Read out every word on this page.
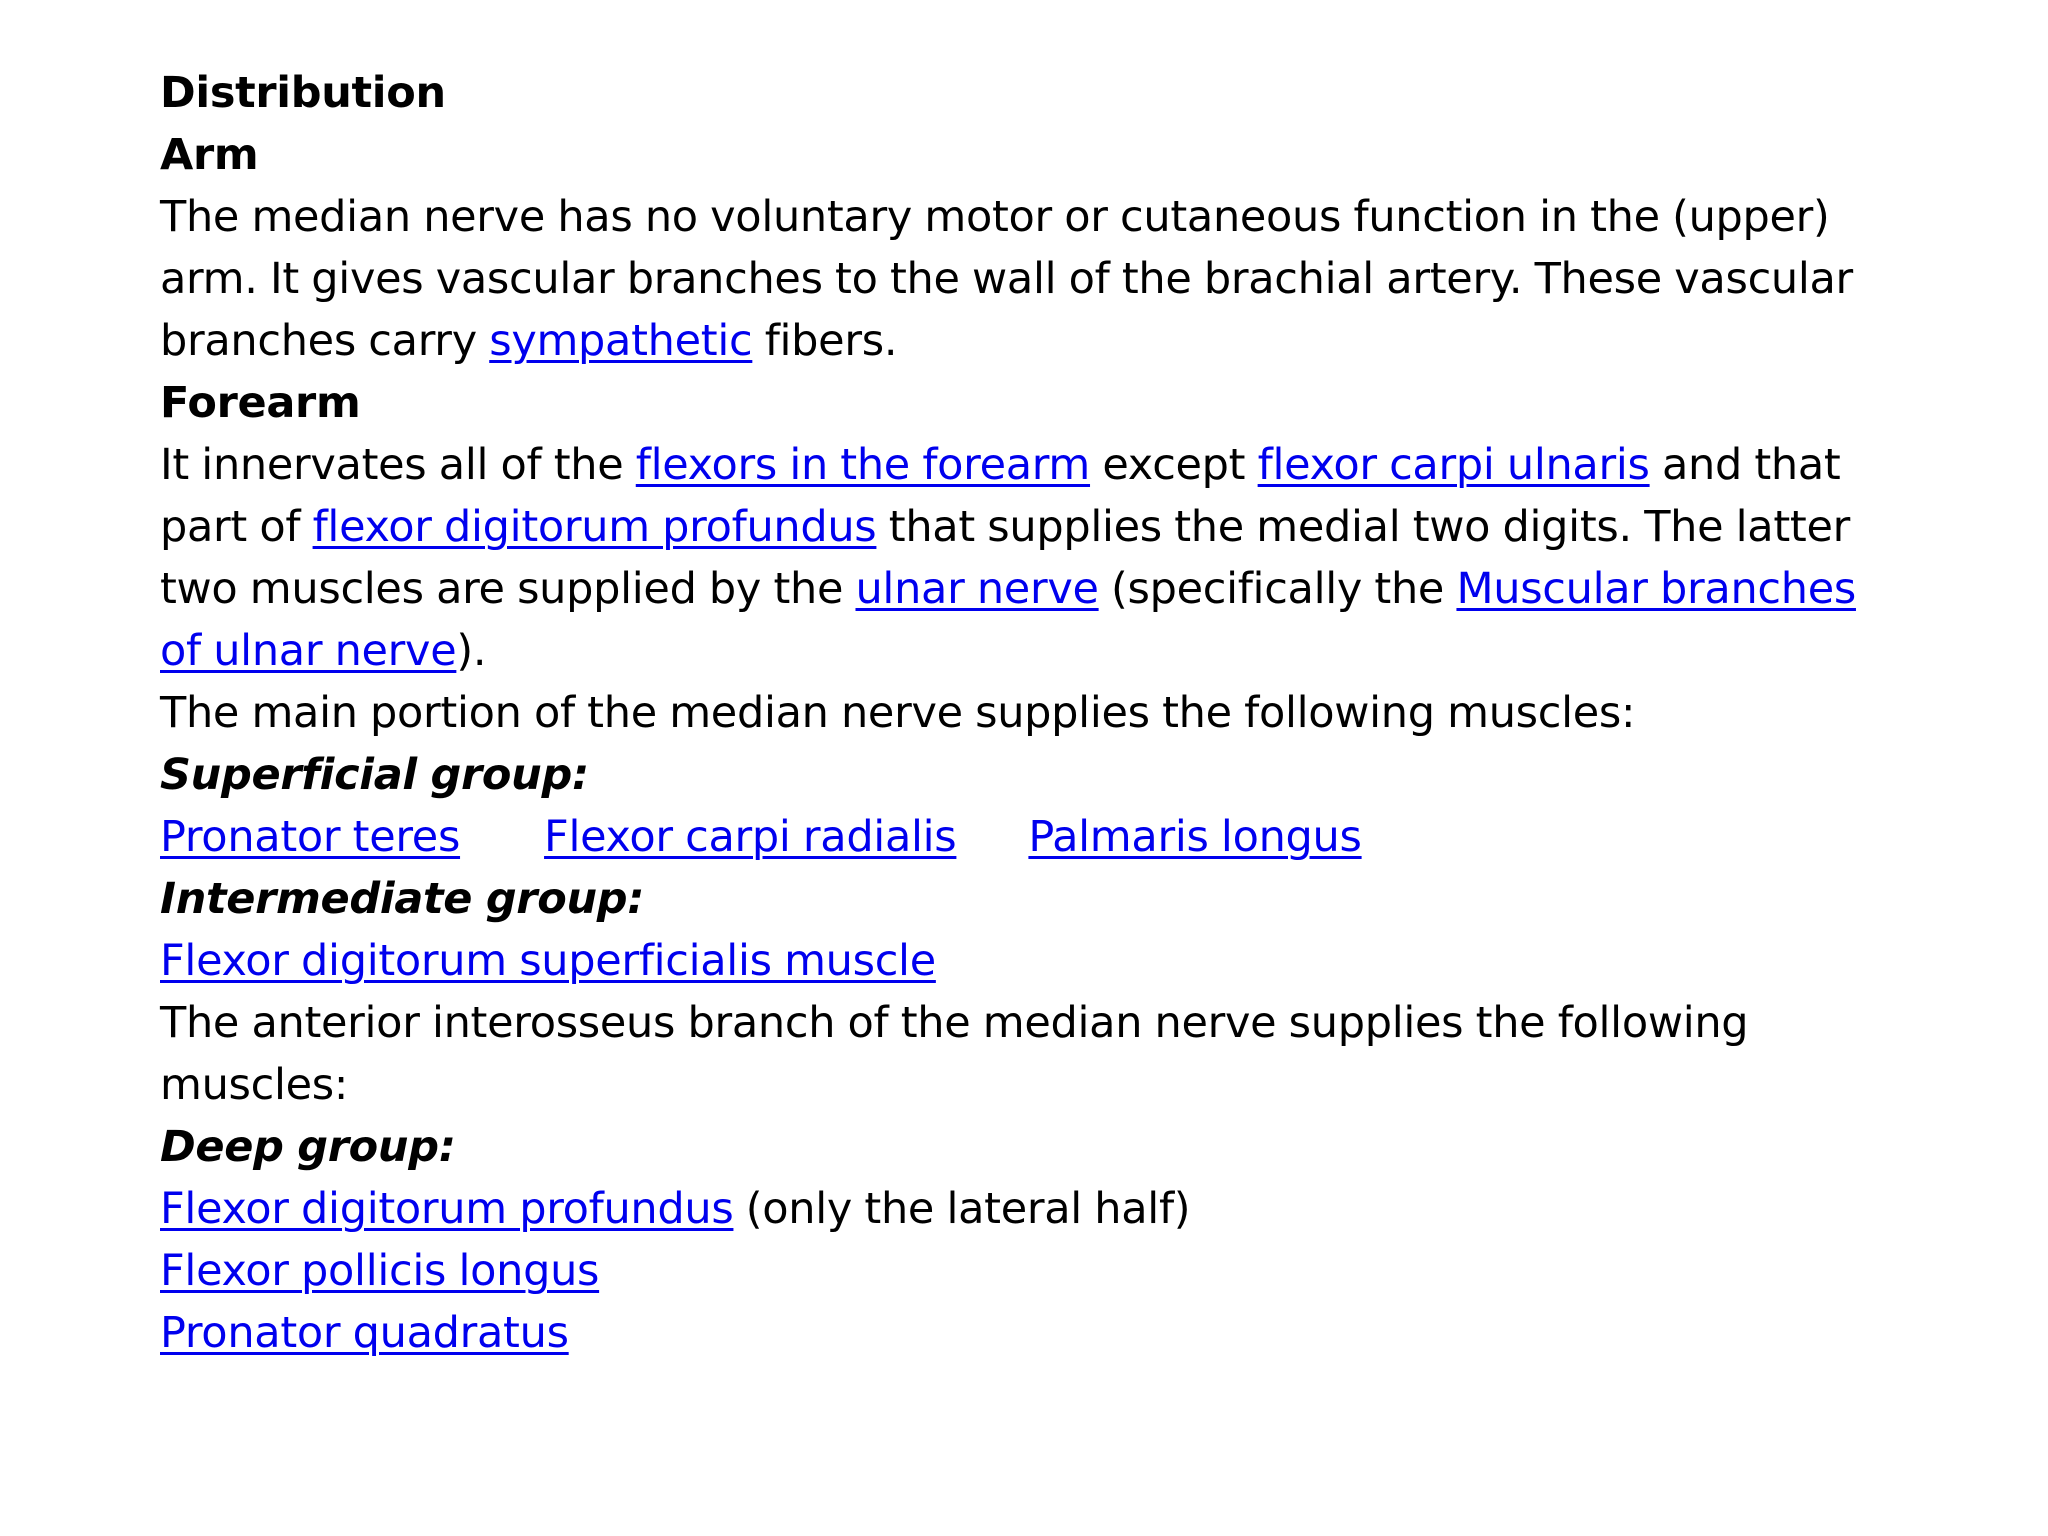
Distribution
Arm
The median nerve has no voluntary motor or cutaneous function in the (upper)
arm. It gives vascular branches to the wall of the brachial artery. These vascular
branches carry sympathetic fibers.
Forearm
It innervates all of the flexors in the forearm except flexor carpi ulnaris and that
part of flexor digitorum profundus that supplies the medial two digits. The latter
two muscles are supplied by the ulnar nerve (specifically the Muscular branches
of ulnar nerve).
The main portion of the median nerve supplies the following muscles:
Superficial group:
Pronator teres Flexor carpi radialis Palmaris longus
Intermediate group:
Flexor digitorum superficialis muscle
The anterior interosseus branch of the median nerve supplies the following
muscles:
Deep group:
Flexor digitorum profundus (only the lateral half)
Flexor pollicis longus
Pronator quadratus
